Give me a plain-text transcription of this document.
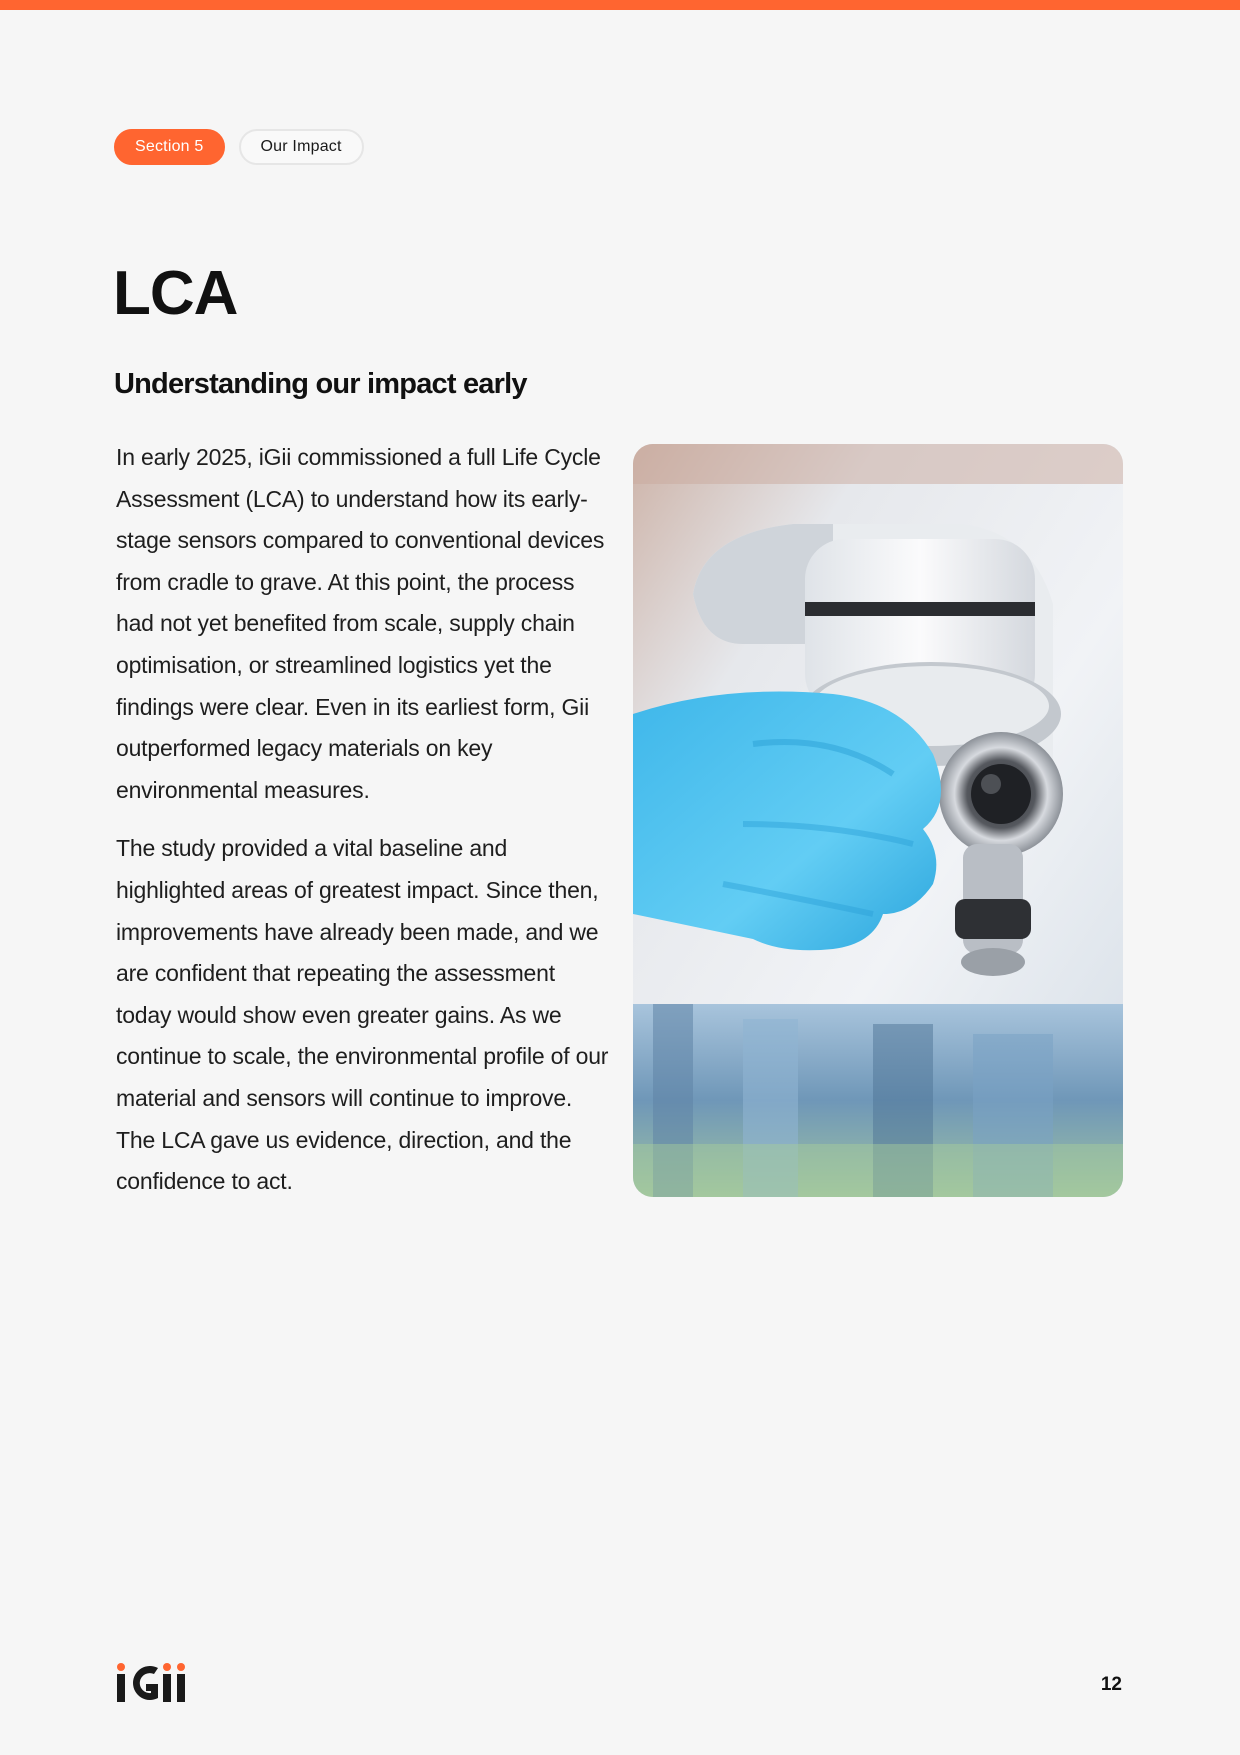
Section 5	Our Impact
LCA
Understanding our impact early

In early 2025, iGii commissioned a full Life Cycle Assessment (LCA) to understand how its early-stage sensors compared to conventional devices from cradle to grave. At this point, the process had not yet benefited from scale, supply chain optimisation, or streamlined logistics yet the findings were clear. Even in its earliest form, Gii outperformed legacy materials on key environmental measures.

The study provided a vital baseline and highlighted areas of greatest impact. Since then, improvements have already been made, and we are confident that repeating the assessment today would show even greater gains. As we continue to scale, the environmental profile of our material and sensors will continue to improve. The LCA gave us evidence, direction, and the confidence to act.

12
